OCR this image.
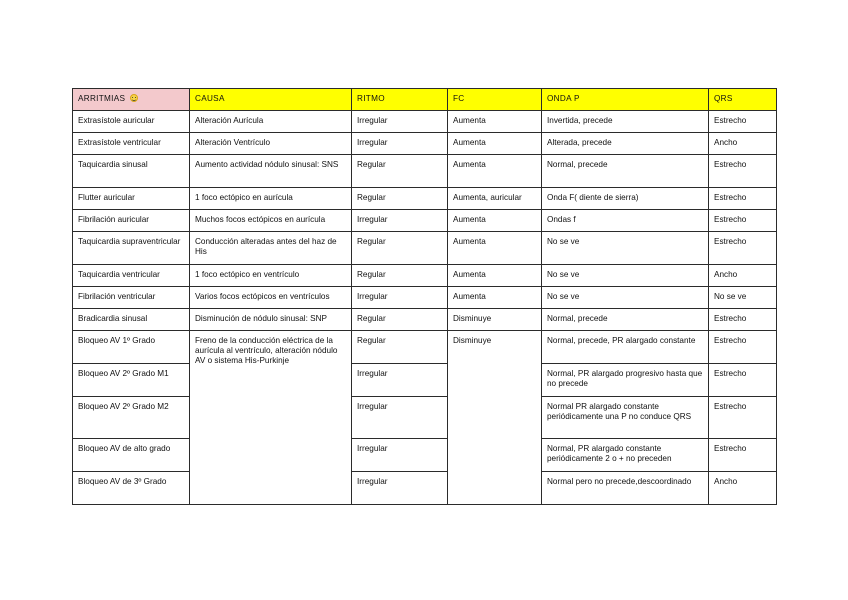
ARRITMIAS	CAUSA	RITMO	FC	ONDA P	QRS
Extrasístole auricular	Alteración Aurícula	Irregular	Aumenta	Invertida, precede	Estrecho
Extrasístole ventricular	Alteración Ventrículo	Irregular	Aumenta	Alterada, precede	Ancho
Taquicardia sinusal	Aumento actividad nódulo sinusal: SNS	Regular	Aumenta	Normal, precede	Estrecho
Flutter auricular	1 foco ectópico en aurícula	Regular	Aumenta, auricular	Onda F( diente de sierra)	Estrecho
Fibrilación auricular	Muchos focos ectópicos en aurícula	Irregular	Aumenta	Ondas f	Estrecho
Taquicardia supraventricular	Conducción alteradas antes del haz de His	Regular	Aumenta	No se ve	Estrecho
Taquicardia ventricular	1 foco ectópico en ventrículo	Regular	Aumenta	No se ve	Ancho
Fibrilación ventricular	Varios focos ectópicos en ventrículos	Irregular	Aumenta	No se ve	No se ve
Bradicardia sinusal	Disminución de nódulo sinusal: SNP	Regular	Disminuye	Normal, precede	Estrecho
Bloqueo AV 1º Grado	Freno de la conducción eléctrica de la aurícula al ventrículo, alteración nódulo AV o sistema His-Purkinje	Regular	Disminuye	Normal, precede, PR alargado constante	Estrecho
Bloqueo AV 2º Grado M1		Irregular		Normal, PR alargado progresivo hasta que no precede	Estrecho
Bloqueo AV 2º Grado M2		Irregular		Normal PR alargado constante periódicamente una P no conduce QRS	Estrecho
Bloqueo AV de alto grado		Irregular		Normal, PR alargado constante periódicamente 2 o + no preceden	Estrecho
Bloqueo AV de 3º Grado		Irregular		Normal pero no precede,descoordinado	Ancho
